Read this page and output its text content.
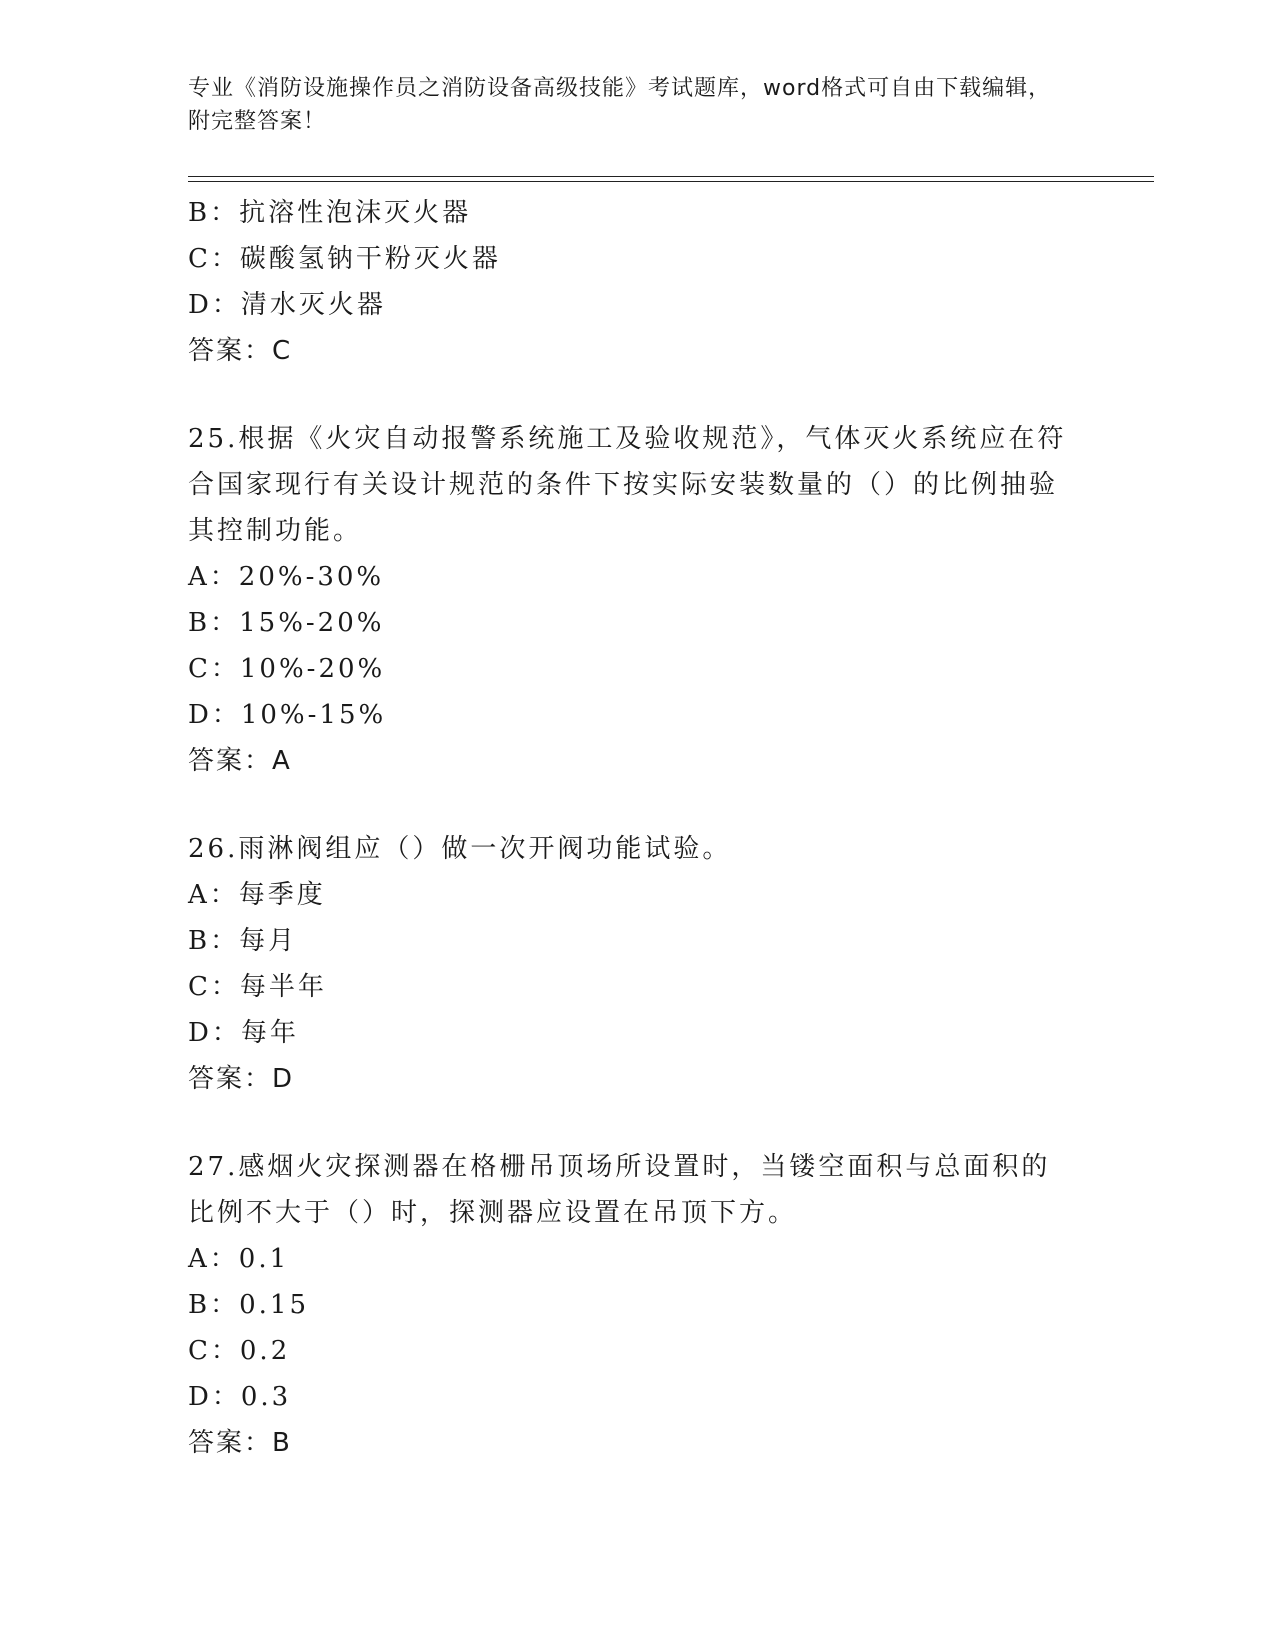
专业《消防设施操作员之消防设备高级技能》考试题库，word格式可自由下载编辑，附完整答案！
B：抗溶性泡沫灭火器
C：碳酸氢钠干粉灭火器
D：清水灭火器
答案：C
25.根据《火灾自动报警系统施工及验收规范》，气体灭火系统应在符合国家现行有关设计规范的条件下按实际安装数量的（）的比例抽验其控制功能。
A：20%-30%
B：15%-20%
C：10%-20%
D：10%-15%
答案：A
26.雨淋阀组应（）做一次开阀功能试验。
A：每季度
B：每月
C：每半年
D：每年
答案：D
27.感烟火灾探测器在格栅吊顶场所设置时，当镂空面积与总面积的比例不大于（）时，探测器应设置在吊顶下方。
A：0.1
B：0.15
C：0.2
D：0.3
答案：B
